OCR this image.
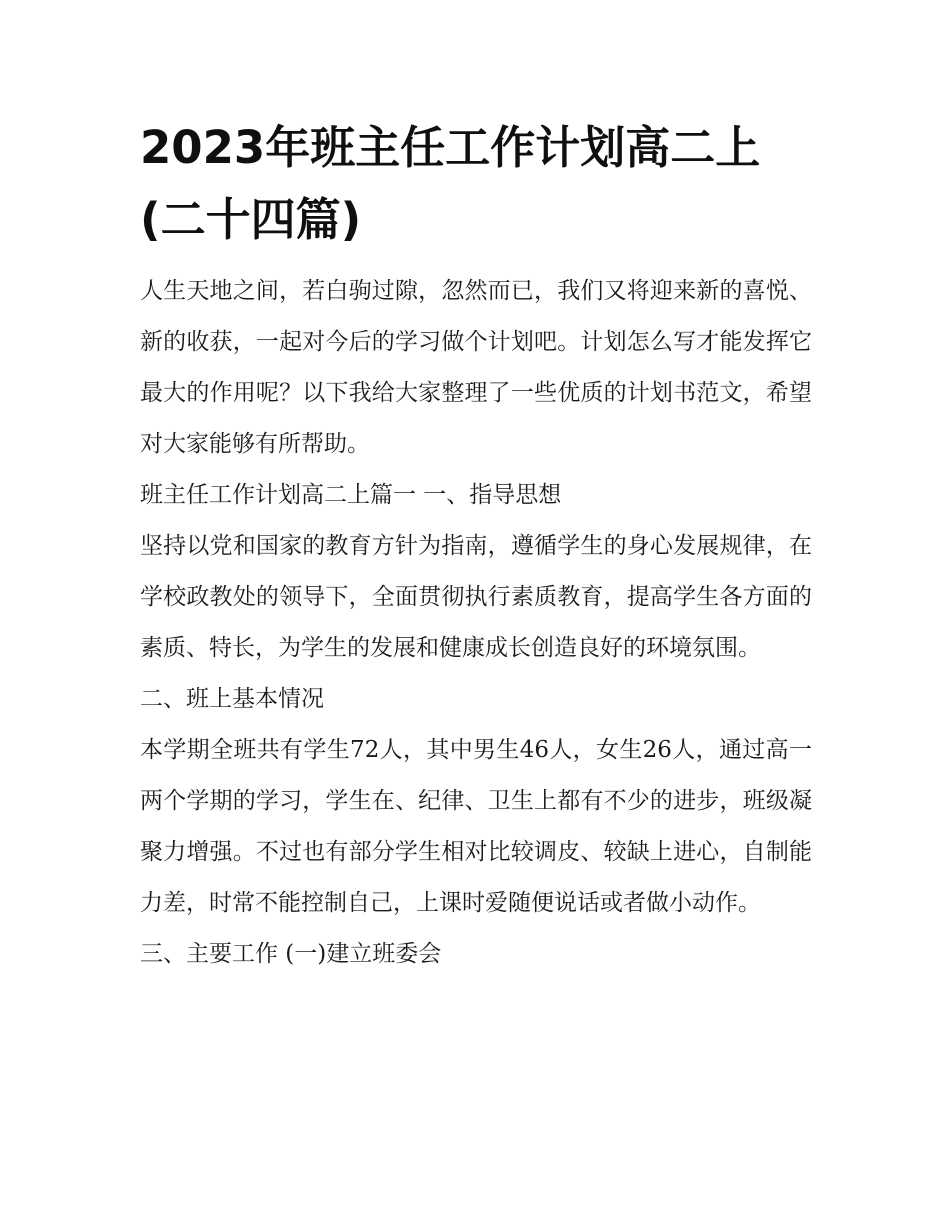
2023年班主任工作计划高二上(二十四篇)

人生天地之间，若白驹过隙，忽然而已，我们又将迎来新的喜悦、新的收获，一起对今后的学习做个计划吧。计划怎么写才能发挥它最大的作用呢？以下我给大家整理了一些优质的计划书范文，希望对大家能够有所帮助。

班主任工作计划高二上篇一 一、指导思想

坚持以党和国家的教育方针为指南，遵循学生的身心发展规律，在学校政教处的领导下，全面贯彻执行素质教育，提高学生各方面的素质、特长，为学生的发展和健康成长创造良好的环境氛围。

二、班上基本情况

本学期全班共有学生72人，其中男生46人，女生26人，通过高一两个学期的学习，学生在、纪律、卫生上都有不少的进步，班级凝聚力增强。不过也有部分学生相对比较调皮、较缺上进心，自制能力差，时常不能控制自己，上课时爱随便说话或者做小动作。

三、主要工作 (一)建立班委会
